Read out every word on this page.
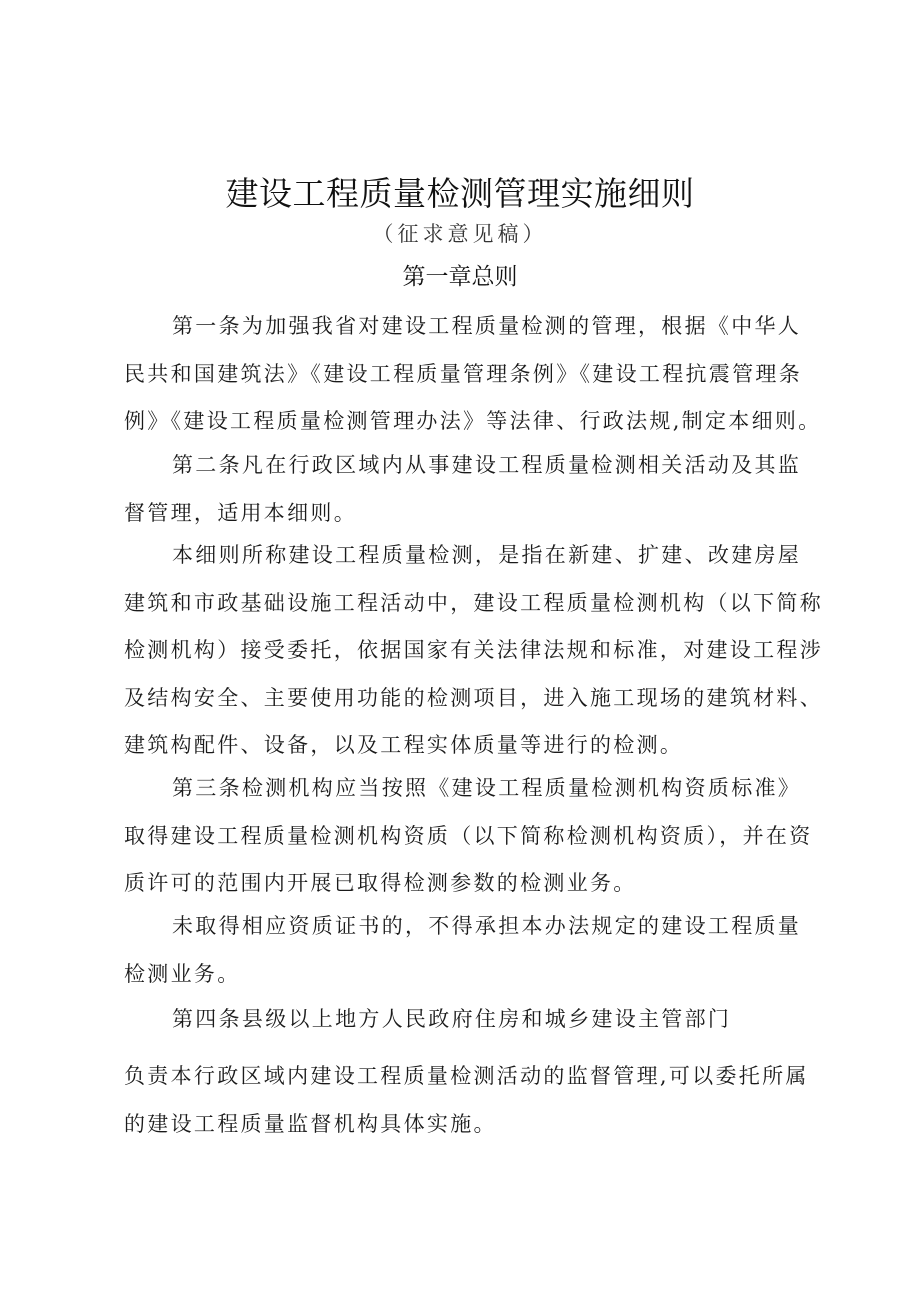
建设工程质量检测管理实施细则
（征求意见稿）
第一章总则
第一条为加强我省对建设工程质量检测的管理，根据《中华人
民共和国建筑法》《建设工程质量管理条例》《建设工程抗震管理条
例》《建设工程质量检测管理办法》等法律、行政法规,制定本细则。
第二条凡在行政区域内从事建设工程质量检测相关活动及其监
督管理，适用本细则。
本细则所称建设工程质量检测，是指在新建、扩建、改建房屋
建筑和市政基础设施工程活动中，建设工程质量检测机构（以下简称
检测机构）接受委托，依据国家有关法律法规和标准，对建设工程涉
及结构安全、主要使用功能的检测项目，进入施工现场的建筑材料、
建筑构配件、设备，以及工程实体质量等进行的检测。
第三条检测机构应当按照《建设工程质量检测机构资质标准》
取得建设工程质量检测机构资质（以下简称检测机构资质），并在资
质许可的范围内开展已取得检测参数的检测业务。
未取得相应资质证书的，不得承担本办法规定的建设工程质量
检测业务。
第四条县级以上地方人民政府住房和城乡建设主管部门
负责本行政区域内建设工程质量检测活动的监督管理,可以委托所属
的建设工程质量监督机构具体实施。
